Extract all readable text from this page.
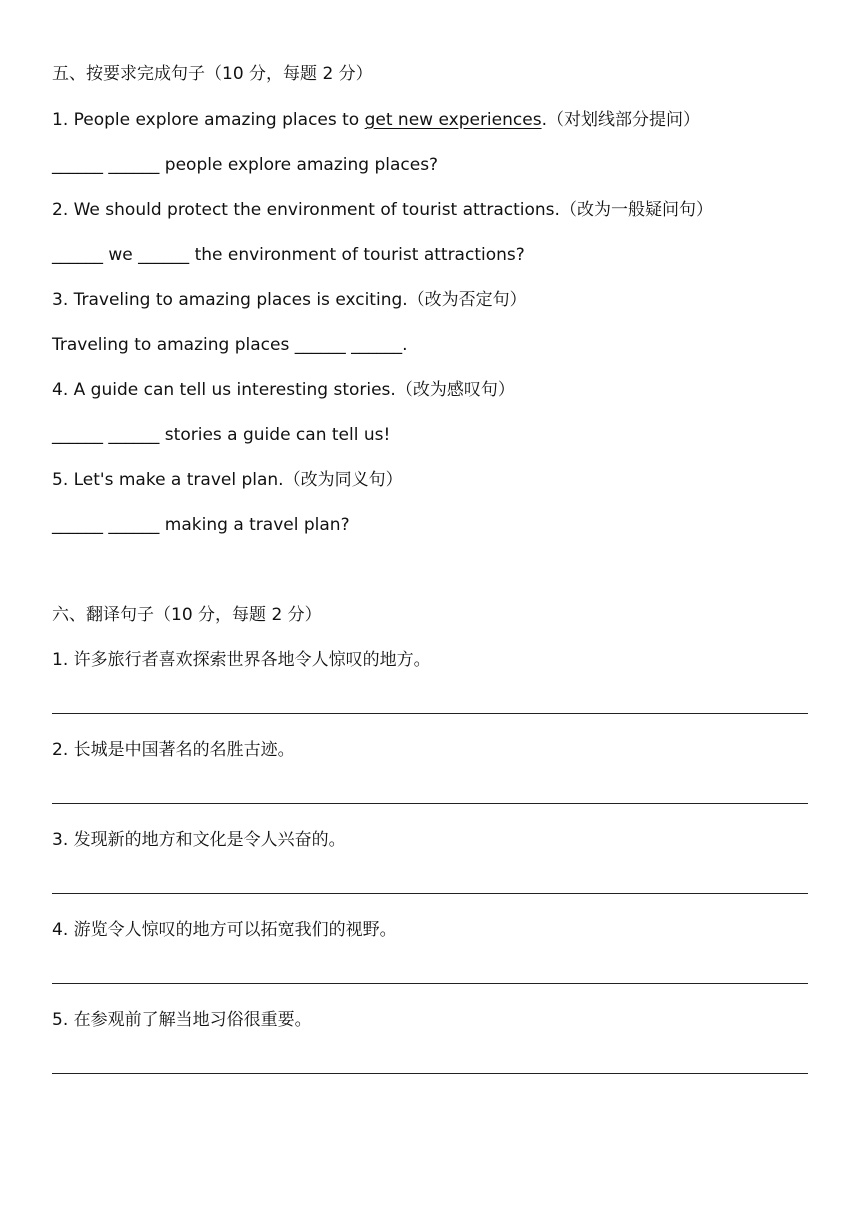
五、按要求完成句子（10 分，每题 2 分）
1. People explore amazing places to get new experiences.（对划线部分提问）
______ ______ people explore amazing places?
2. We should protect the environment of tourist attractions.（改为一般疑问句）
______ we ______ the environment of tourist attractions?
3. Traveling to amazing places is exciting.（改为否定句）
Traveling to amazing places ______ ______.
4. A guide can tell us interesting stories.（改为感叹句）
______ ______ stories a guide can tell us!
5. Let's make a travel plan.（改为同义句）
______ ______ making a travel plan?
六、翻译句子（10 分，每题 2 分）
1. 许多旅行者喜欢探索世界各地令人惊叹的地方。
2. 长城是中国著名的名胜古迹。
3. 发现新的地方和文化是令人兴奋的。
4. 游览令人惊叹的地方可以拓宽我们的视野。
5. 在参观前了解当地习俗很重要。
